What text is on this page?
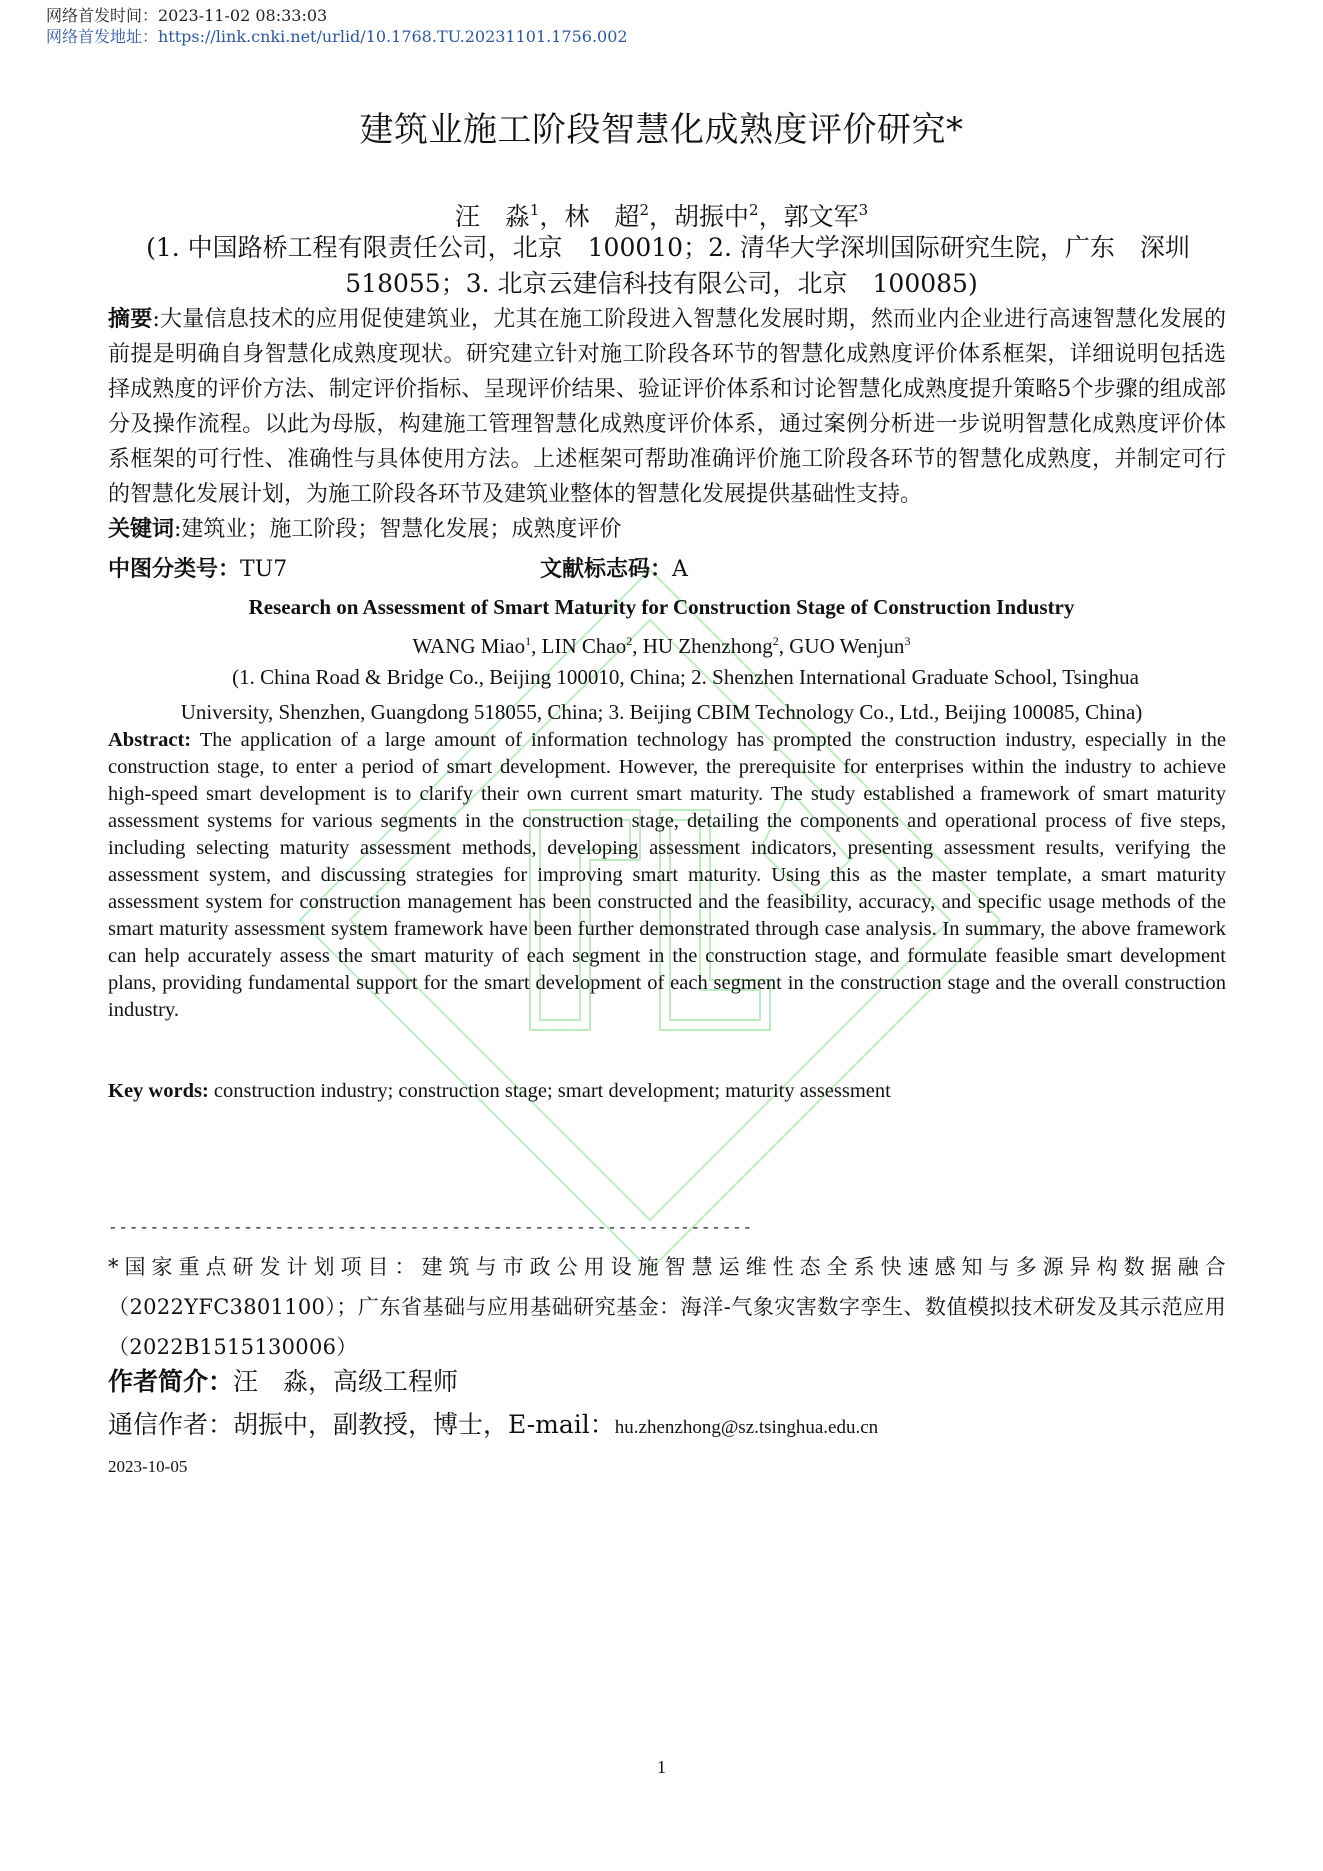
网络首发时间：2023-11-02 08:33:03
网络首发地址：https://link.cnki.net/urlid/10.1768.TU.20231101.1756.002
建筑业施工阶段智慧化成熟度评价研究*
汪　淼$^1$，林　超$^2$，胡振中$^2$，郭文军$^3$
(1. 中国路桥工程有限责任公司，北京　100010；2. 清华大学深圳国际研究生院，广东　深圳
518055；3. 北京云建信科技有限公司，北京　100085)
摘要:大量信息技术的应用促使建筑业，尤其在施工阶段进入智慧化发展时期，然而业内企业进行高速智慧化发展的前提是明确自身智慧化成熟度现状。研究建立针对施工阶段各环节的智慧化成熟度评价体系框架，详细说明包括选择成熟度的评价方法、制定评价指标、呈现评价结果、验证评价体系和讨论智慧化成熟度提升策略5个步骤的组成部分及操作流程。以此为母版，构建施工管理智慧化成熟度评价体系，通过案例分析进一步说明智慧化成熟度评价体系框架的可行性、准确性与具体使用方法。上述框架可帮助准确评价施工阶段各环节的智慧化成熟度，并制定可行的智慧化发展计划，为施工阶段各环节及建筑业整体的智慧化发展提供基础性支持。
关键词:建筑业；施工阶段；智慧化发展；成熟度评价
中图分类号：TU7	文献标志码：A
Research on Assessment of Smart Maturity for Construction Stage of Construction Industry
WANG Miao$^1$, LIN Chao$^2$, HU Zhenzhong$^2$, GUO Wenjun$^3$
(1. China Road & Bridge Co., Beijing 100010, China; 2. Shenzhen International Graduate School, Tsinghua
University, Shenzhen, Guangdong 518055, China; 3. Beijing CBIM Technology Co., Ltd., Beijing 100085, China)
Abstract: The application of a large amount of information technology has prompted the construction industry, especially in the construction stage, to enter a period of smart development. However, the prerequisite for enterprises within the industry to achieve high-speed smart development is to clarify their own current smart maturity. The study established a framework of smart maturity assessment systems for various segments in the construction stage, detailing the components and operational process of five steps, including selecting maturity assessment methods, developing assessment indicators, presenting assessment results, verifying the assessment system, and discussing strategies for improving smart maturity. Using this as the master template, a smart maturity assessment system for construction management has been constructed and the feasibility, accuracy, and specific usage methods of the smart maturity assessment system framework have been further demonstrated through case analysis. In summary, the above framework can help accurately assess the smart maturity of each segment in the construction stage, and formulate feasible smart development plans, providing fundamental support for the smart development of each segment in the construction stage and the overall construction industry.
Key words: construction industry; construction stage; smart development; maturity assessment
--------------------------------------------------------------
*国家重点研发计划项目：建筑与市政公用设施智慧运维性态全系快速感知与多源异构数据融合（2022YFC3801100）；广东省基础与应用基础研究基金：海洋-气象灾害数字孪生、数值模拟技术研发及其示范应用（2022B1515130006）
作者简介：汪　淼，高级工程师
通信作者：胡振中，副教授，博士，E-mail：hu.zhenzhong@sz.tsinghua.edu.cn
2023-10-05
1
